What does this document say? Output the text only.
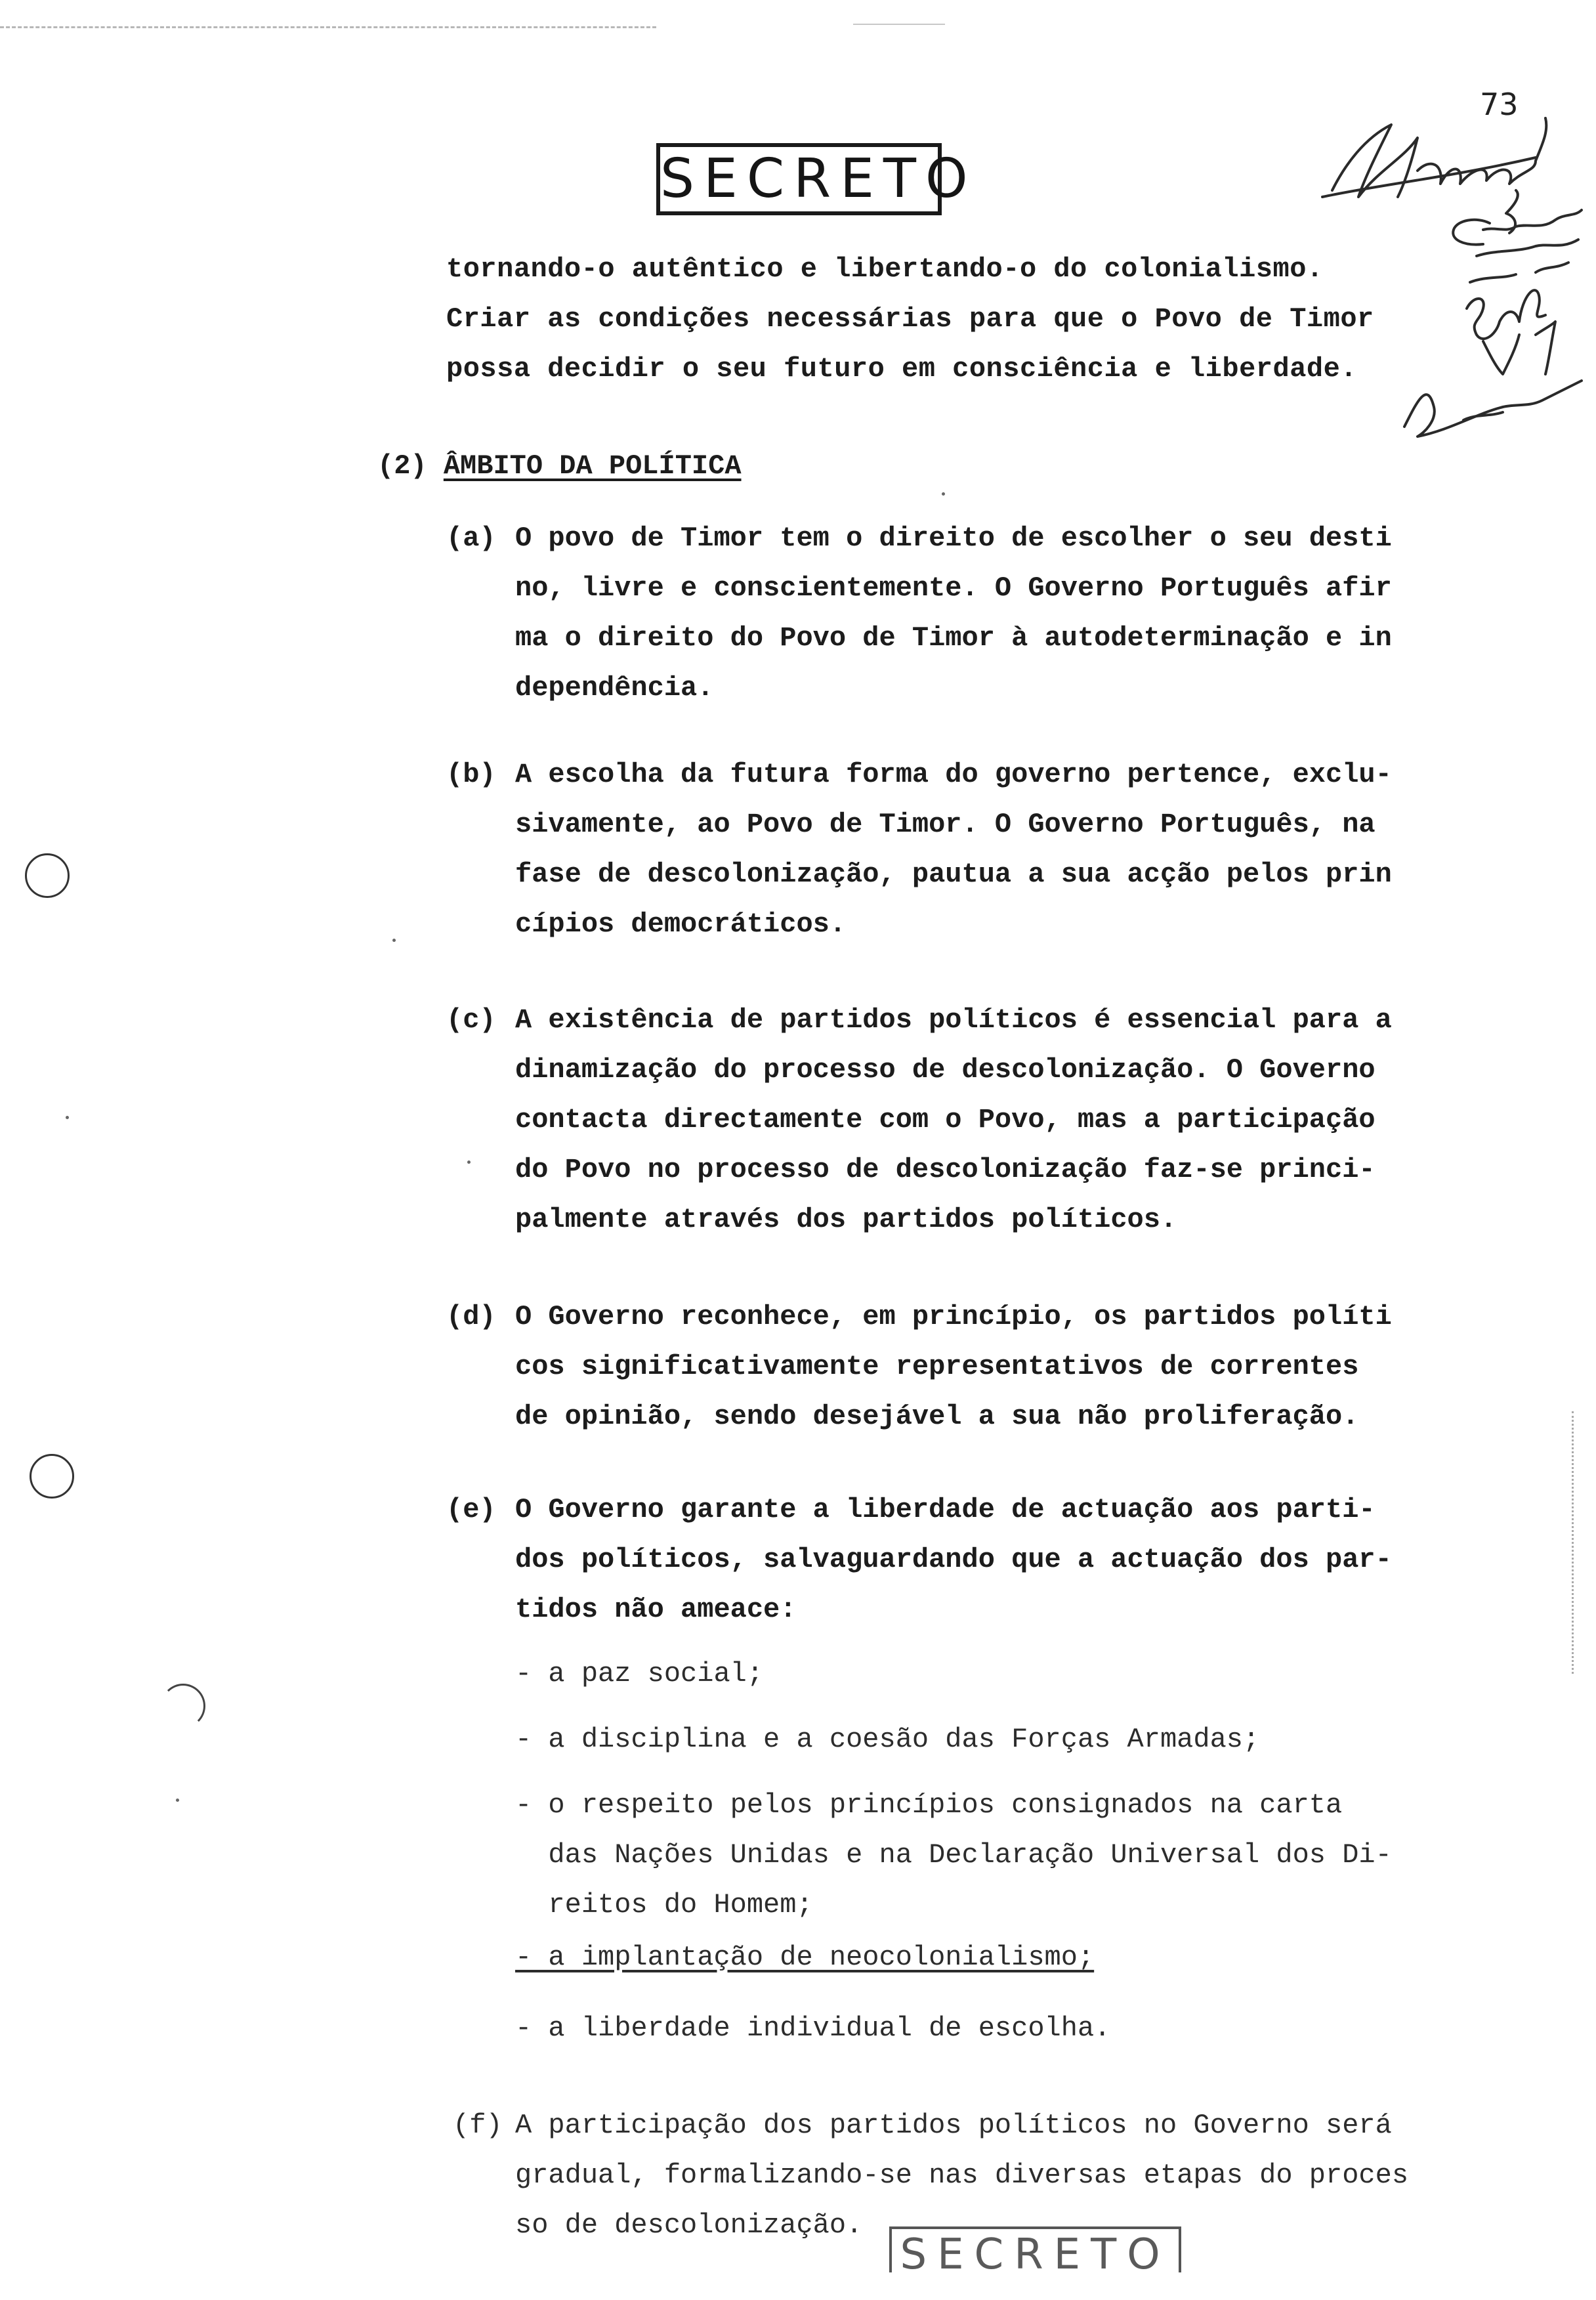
SECRETO
73
tornando-o autêntico e libertando-o do colonialismo.
Criar as condições necessárias para que o Povo de Timor
possa decidir o seu futuro em consciência e liberdade.
(2) ÂMBITO DA POLÍTICA

(a)

O povo de Timor tem o direito de escolher o seu desti
no, livre e conscientemente. O Governo Português afir
ma o direito do Povo de Timor à autodeterminação e in
dependência.

(b)

A escolha da futura forma do governo pertence, exclu-
sivamente, ao Povo de Timor. O Governo Português, na
fase de descolonização, pautua a sua acção pelos prin
cípios democráticos.

(c)

A existência de partidos políticos é essencial para a
dinamização do processo de descolonização. O Governo
contacta directamente com o Povo, mas a participação
do Povo no processo de descolonização faz-se princi-
palmente através dos partidos políticos.

(d)

O Governo reconhece, em princípio, os partidos políti
cos significativamente representativos de correntes
de opinião, sendo desejável a sua não proliferação.

(e)

O Governo garante a liberdade de actuação aos parti-
dos políticos, salvaguardando que a actuação dos par-
tidos não ameace:

- a paz social;
- a disciplina e a coesão das Forças Armadas;
- o respeito pelos princípios consignados na carta
das Nações Unidas e na Declaração Universal dos Di-
reitos do Homem;
- a implantação de neocolonialismo;
- a liberdade individual de escolha.

(f)

A participação dos partidos políticos no Governo será
gradual, formalizando-se nas diversas etapas do proces
so de descolonização.

SECRETO
